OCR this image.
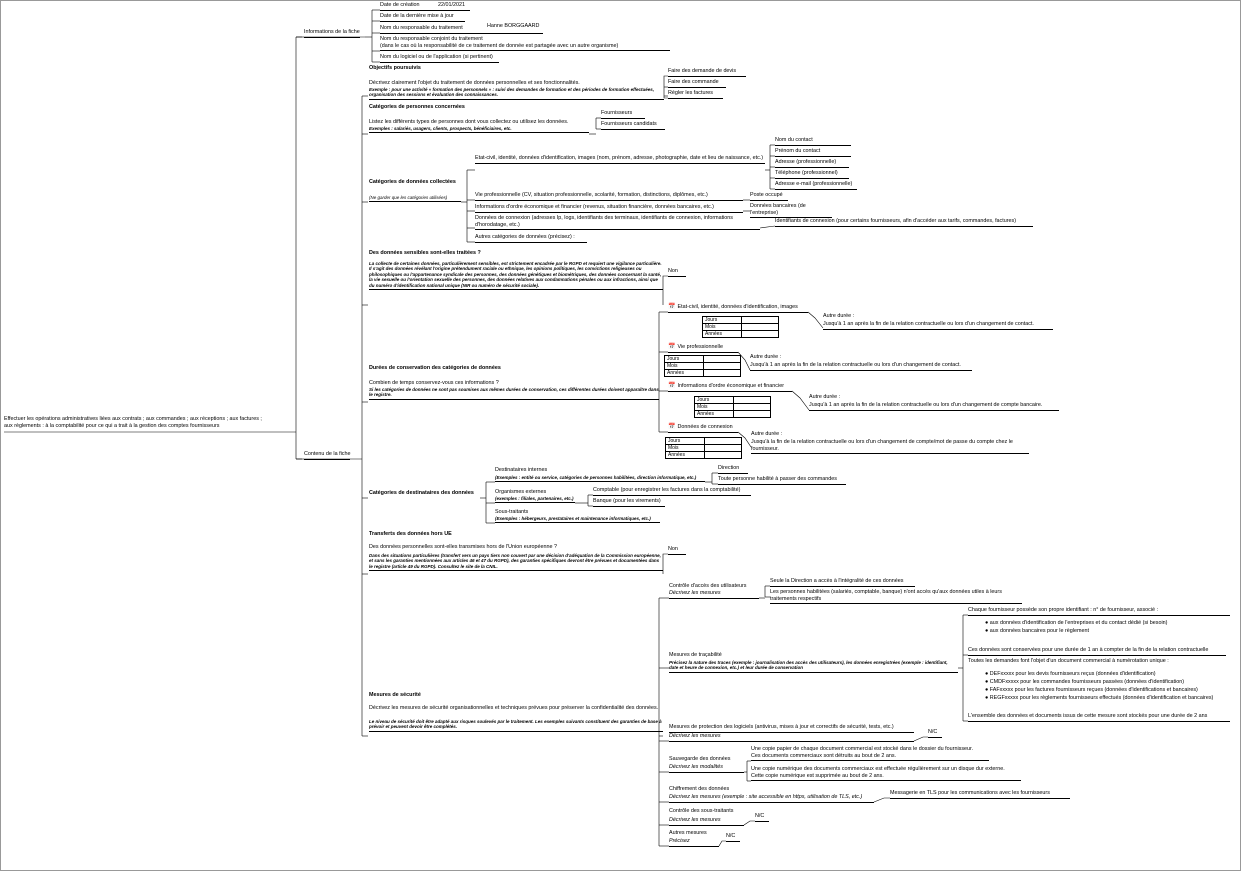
Effectuer les opérations administratives liées aux contrats ; aux commandes ; aux réceptions ; aux factures ;
aux règlements : à la comptabilité pour ce qui a trait à la gestion des comptes fournisseurs
Informations de la fiche
Contenu de la fiche
Date de création	22/01/2021
Date de la dernière mise à jour
Nom du responsable du traitement	Hanne BORGGAARD
Nom du responsable conjoint du traitement
(dans le cas où la responsabilité de ce traitement de donnée est partagée avec un autre organisme)
Nom du logiciel ou de l'application (si pertinent)
Objectifs poursuivis
Décrivez clairement l'objet du traitement de données personnelles et ses fonctionnalités.
Exemple : pour une activité « formation des personnels » : suivi des demandes de formation et des périodes de formation effectuées, organisation des sessions et évaluation des connaissances.
Faire des demande de devis
Faire des commande
Régler les factures
Catégories de personnes concernées
Listez les différents types de personnes dont vous collectez ou utilisez les données.
Exemples : salariés, usagers, clients, prospects, bénéficiaires, etc.
Fournisseurs
Fournisseurs candidats
Catégories de données collectées
(Ne garder que les catégories utilisées)
Etat-civil, identité, données d'identification, images (nom, prénom, adresse, photographie, date et lieu de naissance, etc.)
Nom du contact
Prénom du contact
Adresse (professionnelle)
Téléphone (professionnel)
Adresse e-mail (professionnelle)
Vie professionnelle (CV, situation professionnelle, scolarité, formation, distinctions, diplômes, etc.)	Poste occupé
Informations d'ordre économique et financier (revenus, situation financière, données bancaires, etc.)	Données bancaires (de l'entreprise)
Données de connexion (adresses Ip, logs, identifiants des terminaux, identifiants de connexion, informations d'horodatage, etc.)
Identifiants de connexion (pour certains fournisseurs, afin d'accéder aux tarifs, commandes, factures)
Autres catégories de données (précisez) :
Des données sensibles sont-elles traitées ?
La collecte de certaines données, particulièrement sensibles, est strictement encadrée par le RGPD et requiert une vigilance particulière. Il s'agit des données révélant l'origine prétendument raciale ou ethnique, les opinions politiques, les convictions religieuses ou philosophiques ou l'appartenance syndicale des personnes, des données génétiques et biométriques, des données concernant la santé, la vie sexuelle ou l'orientation sexuelle des personnes, des données relatives aux condamnations pénales ou aux infractions, ainsi que du numéro d'identification national unique (NIR ou numéro de sécurité sociale).
Non
Durées de conservation des catégories de données
Combien de temps conservez-vous ces informations ?
Si les catégories de données ne sont pas soumises aux mêmes durées de conservation, ces différentes durées doivent apparaître dans le registre.
📅 Etat-civil, identité, données d'identification, images
Jours	
Mois	
Années	
Autre durée :
Jusqu'à 1 an après la fin de la relation contractuelle ou lors d'un changement de contact.
📅 Vie professionnelle
Jours	
Mois	
Années	
Autre durée :
Jusqu'à 1 an après la fin de la relation contractuelle ou lors d'un changement de contact.
📅 Informations d'ordre économique et financier
Jours	
Mois	
Années	
Autre durée :
Jusqu'à 1 an après la fin de la relation contractuelle ou lors d'un changement de compte bancaire.
📅 Données de connexion
Jours	
Mois	
Années	
Autre durée :
Jusqu'à la fin de la relation contractuelle ou lors d'un changement de compte/mot de passe du compte chez le fournisseur.
Catégories de destinataires des données
Destinataires internes
(Exemples : entité ou service, catégories de personnes habilitées, direction informatique, etc.)
Direction
Toute personne habilité à passer des commandes
Organismes externes
(exemples : filiales, partenaires, etc.)
Comptable (pour enregistrer les factures dans la comptabilité)
Banque (pour les virements)
Sous-traitants
(Exemples : hébergeurs, prestataires et maintenance informatiques, etc.)
Transferts des données hors UE
Des données personnelles sont-elles transmises hors de l'Union européenne ?
Dans des situations particulières (transfert vers un pays tiers non couvert par une décision d'adéquation de la Commission européenne, et sans les garanties mentionnées aux articles 46 et 47 du RGPD), des garanties spécifiques devront être prévues et documentées dans le registre (article 49 du RGPD). Consultez le site de la CNIL.
Non
Mesures de sécurité
Décrivez les mesures de sécurité organisationnelles et techniques prévues pour préserver la confidentialité des données.
Le niveau de sécurité doit être adapté aux risques soulevés par le traitement. Les exemples suivants constituent des garanties de base à prévoir et peuvent devoir être complétés.
Contrôle d'accès des utilisateurs
Décrivez les mesures
Seule la Direction a accès à l'intégralité de ces données
Les personnes habilitées (salariés, comptable, banque) n'ont accès qu'aux données utiles à leurs traitements respectifs
Mesures de traçabilité
Précisez la nature des traces (exemple : journalisation des accès des utilisateurs), les données enregistrées (exemple : identifiant, date et heure de connexion, etc.) et leur durée de conservation
Chaque fournisseur possède son propre identifiant : n° de fournisseur, associé :
● aux données d'identification de l'entreprises et du contact dédié (si besoin)
● aux données bancaires pour le règlement
Ces données sont conservées pour une durée de 1 an à compter de la fin de la relation contractuelle
Toutes les demandes font l'objet d'un document commercial à numérotation unique :
● DEFxxxxx pour les devis fournisseurs reçus (données d'identification)
● CMDFxxxxx pour les commandes fournisseurs passées (données d'identification)
● FAFxxxxx pour les factures fournisseurs reçues (données d'identifications et bancaires)
● REGFxxxxx pour les règlements fournisseurs effectués (données d'identification et bancaires)
L'ensemble des données et documents issus de cette mesure sont stockés pour une durée de 2 ans
Mesures de protection des logiciels (antivirus, mises à jour et correctifs de sécurité, tests, etc.)
Décrivez les mesures
N/C
Sauvegarde des données
Décrivez les modalités
Une copie papier de chaque document commercial est stocké dans le dossier du fournisseur.
Ces documents commerciaux sont détruits au bout de 2 ans.
Une copie numérique des documents commerciaux est effectuée régulièrement sur un disque dur externe.
Cette copie numérique est supprimée au bout de 2 ans.
Chiffrement des données
Décrivez les mesures (exemple : site accessible en https, utilisation de TLS, etc.)
Messagerie en TLS pour les communications avec les fournisseurs
Contrôle des sous-traitants
Décrivez les mesures
N/C
Autres mesures
Précisez
N/C
